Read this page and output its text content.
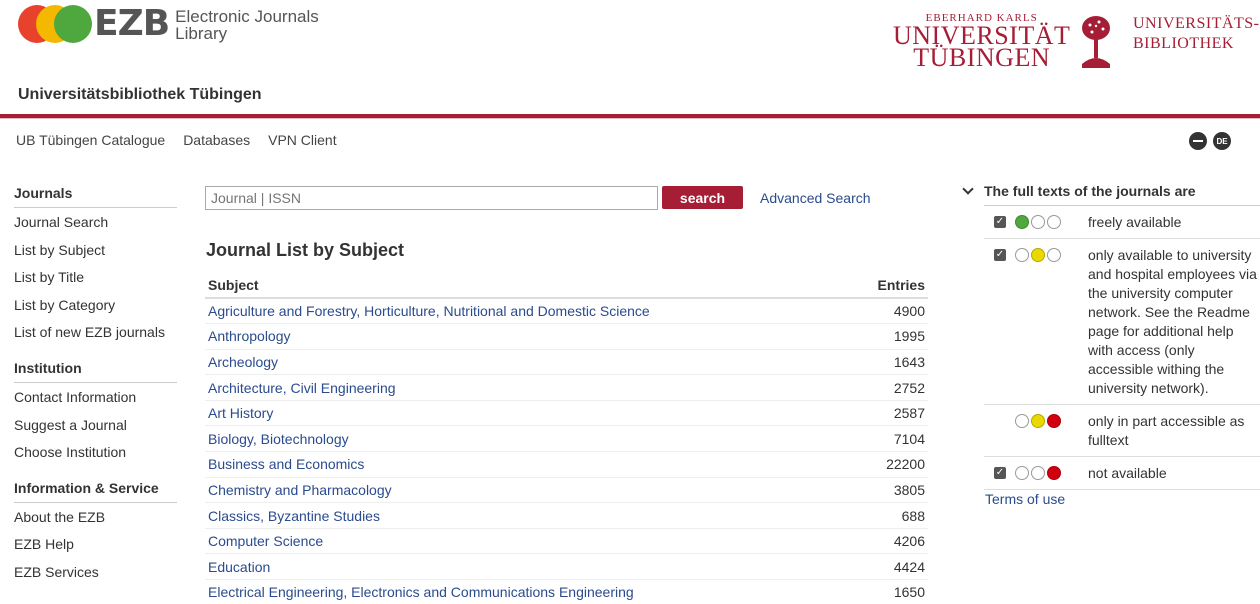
EZB Electronic Journals
Library
EBERHARD KARLS
UNIVERSITÄT
TÜBINGEN
UNIVERSITÄTS-
BIBLIOTHEK
Universitätsbibliothek Tübingen
UB Tübingen Catalogue Databases VPN Client	DE
Journals
Journal Search
List by Subject
List by Title
List by Category
List of new EZB journals
Institution
Contact Information
Suggest a Journal
Choose Institution
Information & Service
About the EZB
EZB Help
EZB Services
Journal | ISSN
search	Advanced Search
Journal List by Subject
Subject	Entries
Agriculture and Forestry, Horticulture, Nutritional and Domestic Science	4900
Anthropology	1995
Archeology	1643
Architecture, Civil Engineering	2752
Art History	2587
Biology, Biotechnology	7104
Business and Economics	22200
Chemistry and Pharmacology	3805
Classics, Byzantine Studies	688
Computer Science	4206
Education	4424
Electrical Engineering, Electronics and Communications Engineering	1650
The full texts of the journals are
✓	freely available
✓	only available to university and hospital employees via the university computer network. See the Readme page for additional help with access (only accessible withing the university network).
only in part accessible as fulltext
✓	not available
Terms of use
